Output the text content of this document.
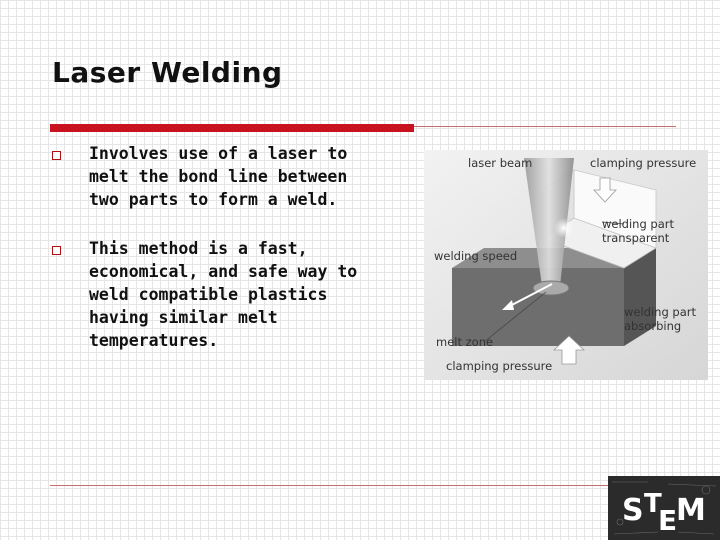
Laser Welding
Involves use of a laser to melt the bond line between two parts to form a weld.
This method is a fast, economical, and safe way to weld compatible plastics having similar melt temperatures.
laser beam	clamping pressure
welding part
transparent
welding speed
welding part
absorbing
melt zone
clamping pressure
S T
E
M
